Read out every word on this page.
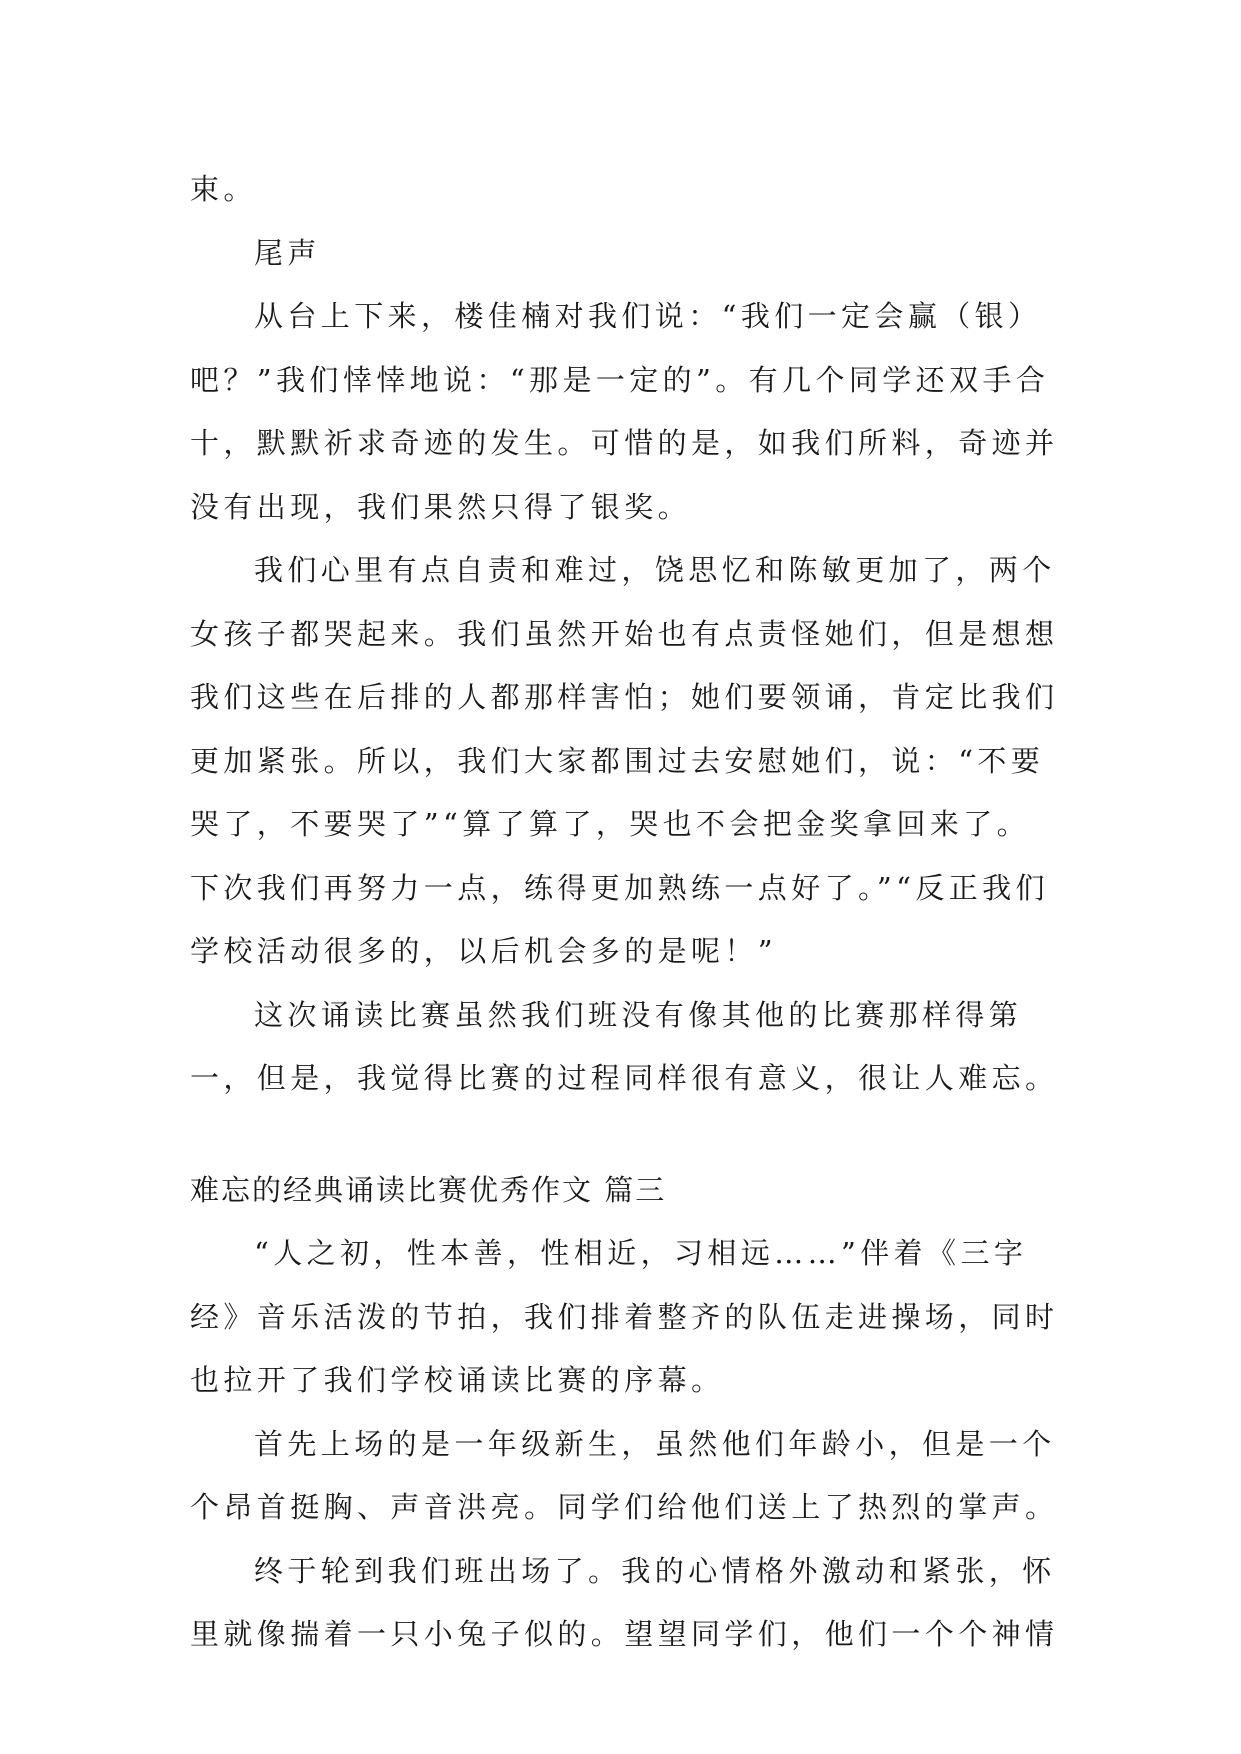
束。
尾声
从台上下来，楼佳楠对我们说：“我们一定会赢（银）
吧？”我们悻悻地说：“那是一定的”。有几个同学还双手合
十，默默祈求奇迹的发生。可惜的是，如我们所料，奇迹并
没有出现，我们果然只得了银奖。
我们心里有点自责和难过，饶思忆和陈敏更加了，两个
女孩子都哭起来。我们虽然开始也有点责怪她们，但是想想
我们这些在后排的人都那样害怕；她们要领诵，肯定比我们
更加紧张。所以，我们大家都围过去安慰她们，说：“不要
哭了，不要哭了”“算了算了，哭也不会把金奖拿回来了。
下次我们再努力一点，练得更加熟练一点好了。”“反正我们
学校活动很多的，以后机会多的是呢！”
这次诵读比赛虽然我们班没有像其他的比赛那样得第
一，但是，我觉得比赛的过程同样很有意义，很让人难忘。
难忘的经典诵读比赛优秀作文 篇三
“人之初，性本善，性相近，习相远……”伴着《三字
经》音乐活泼的节拍，我们排着整齐的队伍走进操场，同时
也拉开了我们学校诵读比赛的序幕。
首先上场的是一年级新生，虽然他们年龄小，但是一个
个昂首挺胸、声音洪亮。同学们给他们送上了热烈的掌声。
终于轮到我们班出场了。我的心情格外激动和紧张，怀
里就像揣着一只小兔子似的。望望同学们，他们一个个神情
